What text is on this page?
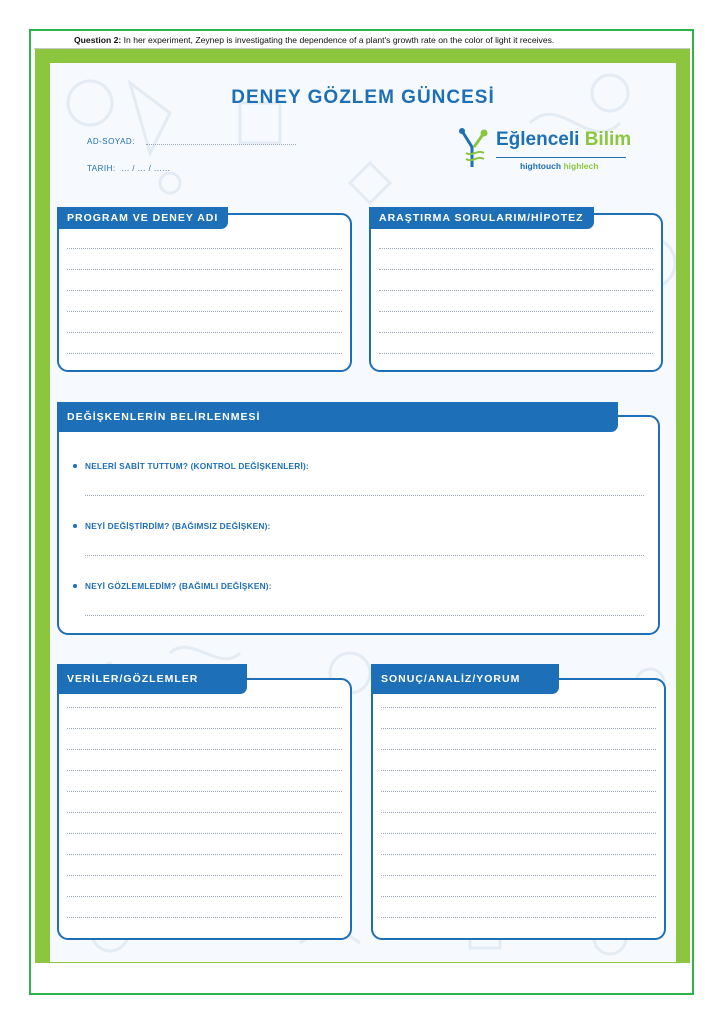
Question 2: In her experiment, Zeynep is investigating the dependence of a plant's growth rate on the color of light it receives.
DENEY GÖZLEM GÜNCESİ
AD-SOYAD:
TARIH: ... / ... / ......
Eğlenceli Bilim
hightouch highlech
PROGRAM VE DENEY ADI	ARAŞTIRMA SORULARIM/HİPOTEZ
DEĞİŞKENLERİN BELİRLENMESİ
NELERİ SABİT TUTTUM? (KONTROL DEĞİŞKENLERİ):
NEYİ DEĞİŞTİRDİM? (BAĞIMSIZ DEĞİŞKEN):
NEYİ GÖZLEMLEDİM? (BAĞIMLI DEĞİŞKEN):
VERİLER/GÖZLEMLER	SONUÇ/ANALİZ/YORUM
